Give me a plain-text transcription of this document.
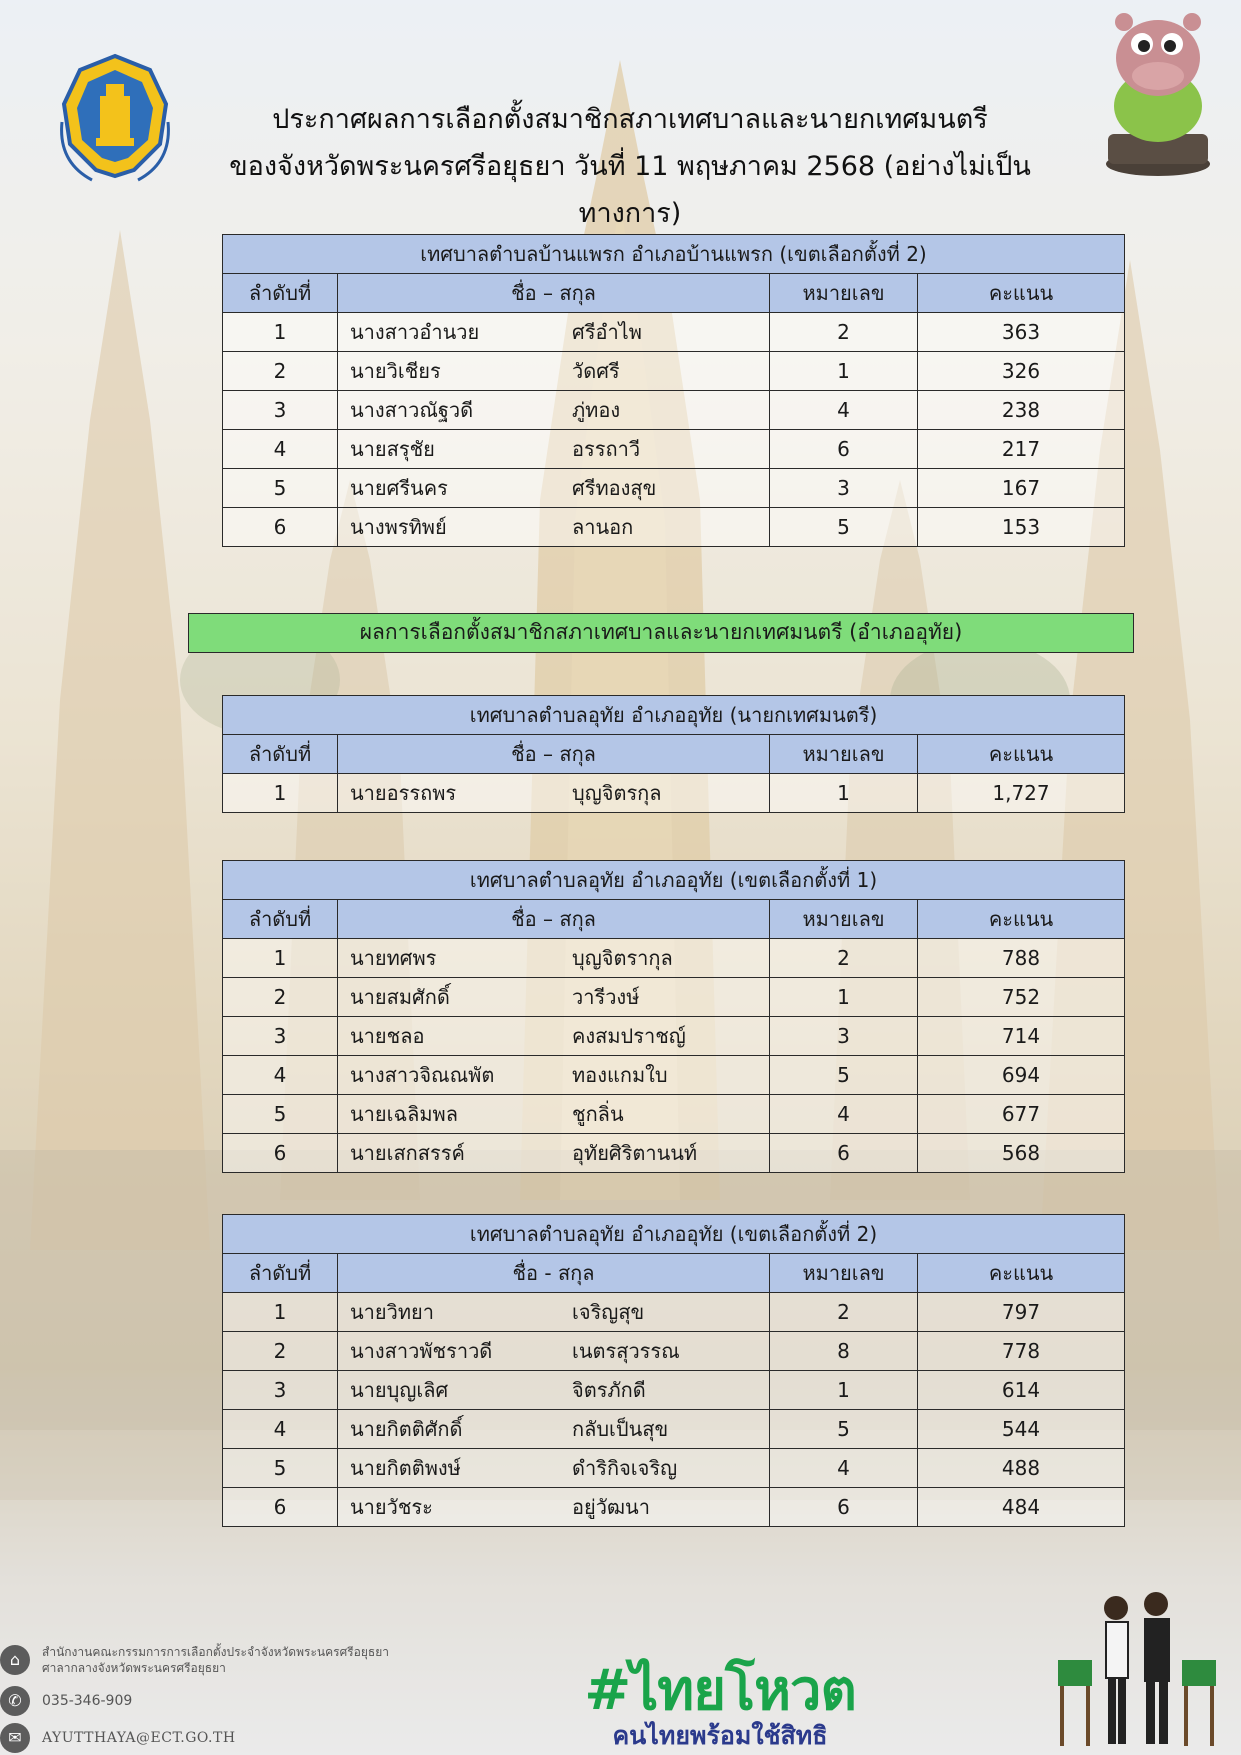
ประกาศผลการเลือกตั้งสมาชิกสภาเทศบาลและนายกเทศมนตรี
ของจังหวัดพระนครศรีอยุธยา วันที่ 11 พฤษภาคม 2568 (อย่างไม่เป็นทางการ)
เทศบาลตำบลบ้านแพรก อำเภอบ้านแพรก (เขตเลือกตั้งที่ 2)			
ลำดับที่	ชื่อ – สกุล	หมายเลข	คะแนน
1	นางสาวอำนวย ศรีอำไพ	2	363
2	นายวิเชียร วัดศรี	1	326
3	นางสาวณัฐวดี ภู่ทอง	4	238
4	นายสรุชัย อรรถาวี	6	217
5	นายศรีนคร ศรีทองสุข	3	167
6	นางพรทิพย์ ลานอก	5	153
ผลการเลือกตั้งสมาชิกสภาเทศบาลและนายกเทศมนตรี (อำเภออุทัย)
เทศบาลตำบลอุทัย อำเภออุทัย (นายกเทศมนตรี)			
ลำดับที่	ชื่อ – สกุล	หมายเลข	คะแนน
1	นายอรรถพร บุญจิตรกุล	1	1,727
เทศบาลตำบลอุทัย อำเภออุทัย (เขตเลือกตั้งที่ 1)			
ลำดับที่	ชื่อ – สกุล	หมายเลข	คะแนน
1	นายทศพร บุญจิตรากุล	2	788
2	นายสมศักดิ์ วารีวงษ์	1	752
3	นายชลอ คงสมปราชญ์	3	714
4	นางสาวจิณณพัต ทองแกมใบ	5	694
5	นายเฉลิมพล ชูกลิ่น	4	677
6	นายเสกสรรค์ อุทัยศิริตานนท์	6	568
เทศบาลตำบลอุทัย อำเภออุทัย (เขตเลือกตั้งที่ 2)			
ลำดับที่	ชื่อ - สกุล	หมายเลข	คะแนน
1	นายวิทยา เจริญสุข	2	797
2	นางสาวพัชราวดี เนตรสุวรรณ	8	778
3	นายบุญเลิศ จิตรภักดี	1	614
4	นายกิตติศักดิ์ กลับเป็นสุข	5	544
5	นายกิตติพงษ์ ดำริกิจเจริญ	4	488
6	นายวัชระ อยู่วัฒนา	6	484
⌂	สำนักงานคณะกรรมการการเลือกตั้งประจำจังหวัดพระนครศรีอยุธยา
ศาลากลางจังหวัดพระนครศรีอยุธยา
✆	035-346-909
✉	AYUTTHAYA@ECT.GO.TH
#ไทยโหวต
คนไทยพร้อมใช้สิทธิ
